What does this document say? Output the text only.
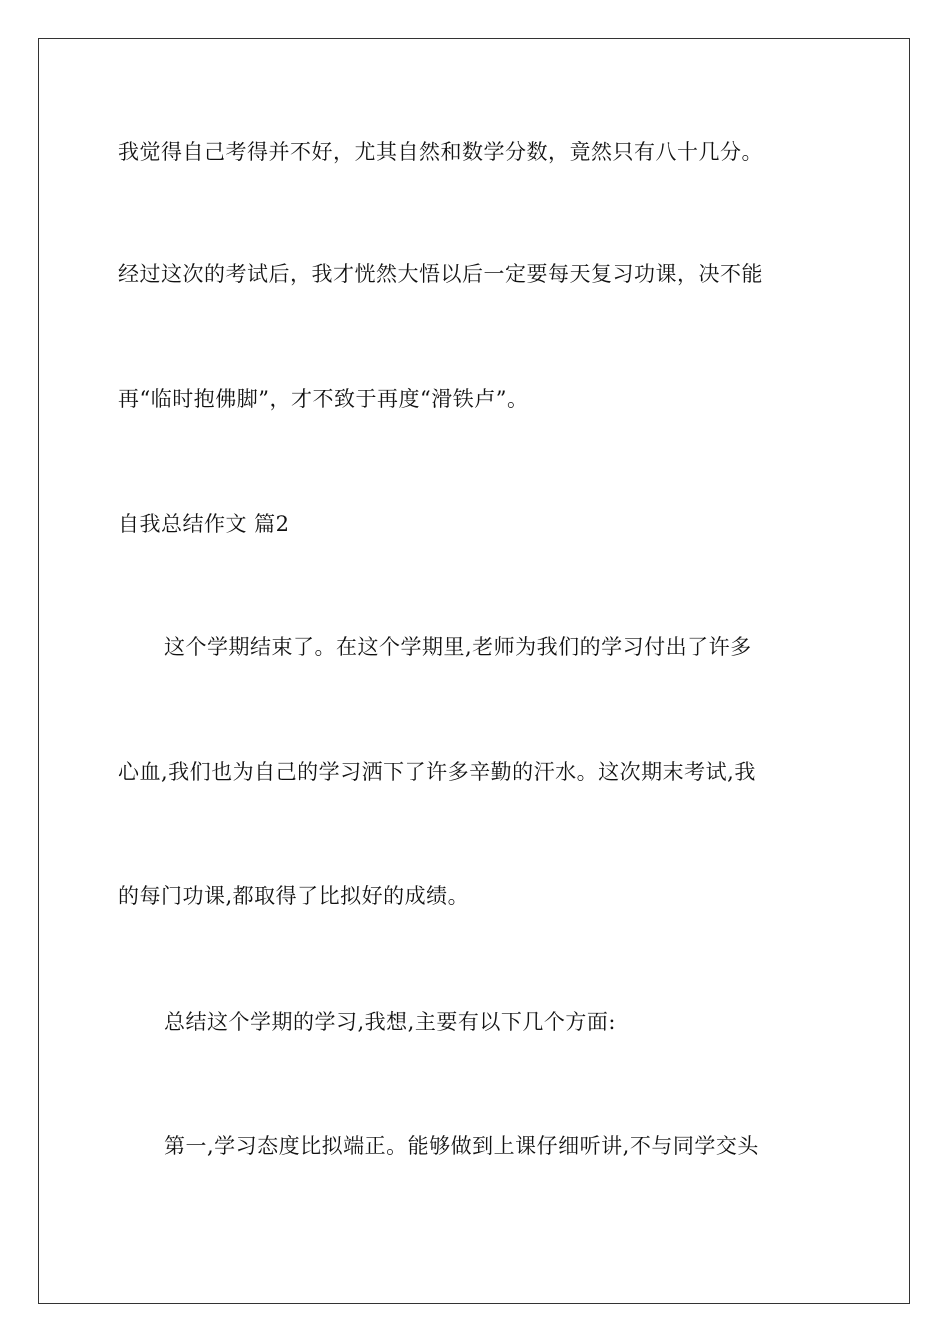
我觉得自己考得并不好，尤其自然和数学分数，竟然只有八十几分。
经过这次的考试后，我才恍然大悟以后一定要每天复习功课，决不能
再“临时抱佛脚”，才不致于再度“滑铁卢”。
自我总结作文 篇2
这个学期结束了。在这个学期里,老师为我们的学习付出了许多
心血,我们也为自己的学习洒下了许多辛勤的汗水。这次期末考试,我
的每门功课,都取得了比拟好的成绩。
总结这个学期的学习,我想,主要有以下几个方面:
第一,学习态度比拟端正。能够做到上课仔细听讲,不与同学交头
